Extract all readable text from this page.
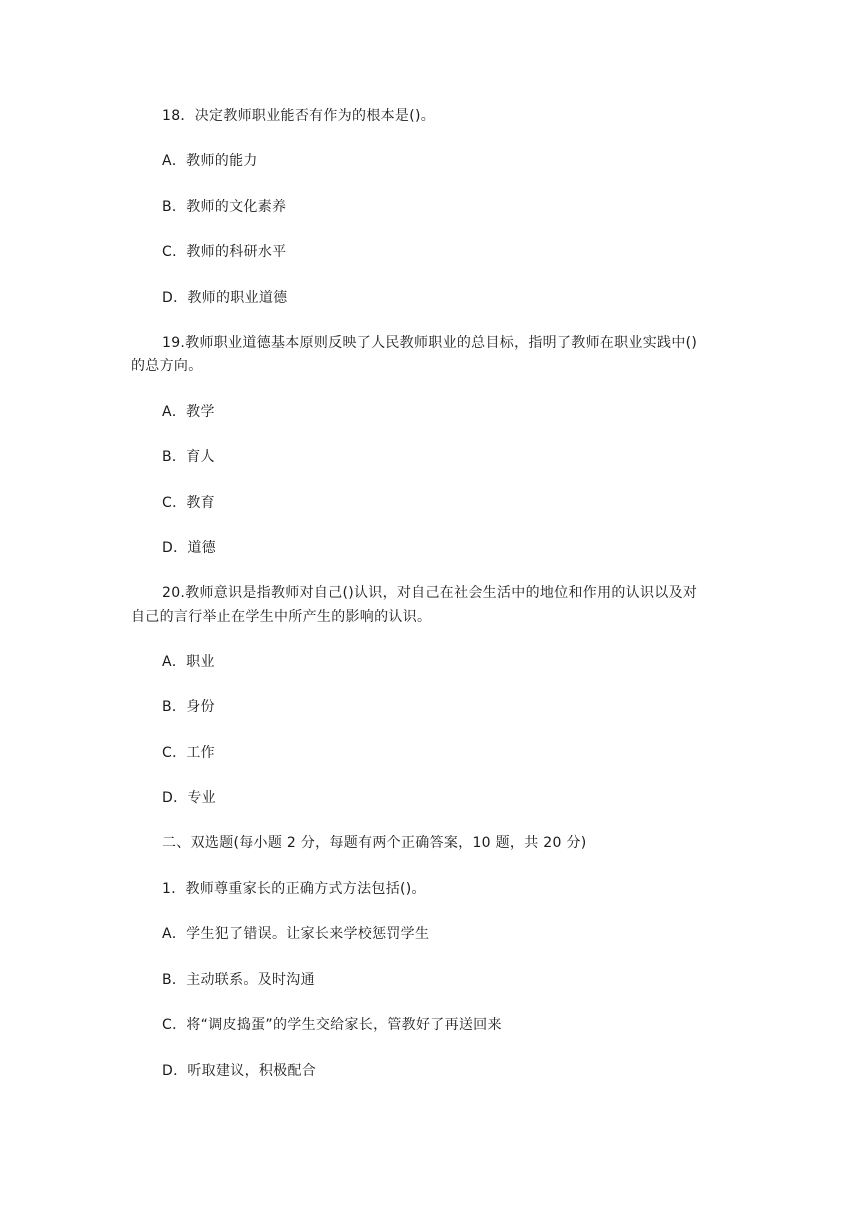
18．决定教师职业能否有作为的根本是()。
A．教师的能力
B．教师的文化素养
C．教师的科研水平
D．教师的职业道德
19.教师职业道德基本原则反映了人民教师职业的总目标，指明了教师在职业实践中()
的总方向。
A．教学
B．育人
C．教育
D．道德
20.教师意识是指教师对自己()认识，对自己在社会生活中的地位和作用的认识以及对
自己的言行举止在学生中所产生的影响的认识。
A．职业
B．身份
C．工作
D．专业
二、双选题(每小题 2 分，每题有两个正确答案，10 题，共 20 分)
1．教师尊重家长的正确方式方法包括()。
A．学生犯了错误。让家长来学校惩罚学生
B．主动联系。及时沟通
C．将“调皮捣蛋”的学生交给家长，管教好了再送回来
D．听取建议，积极配合
